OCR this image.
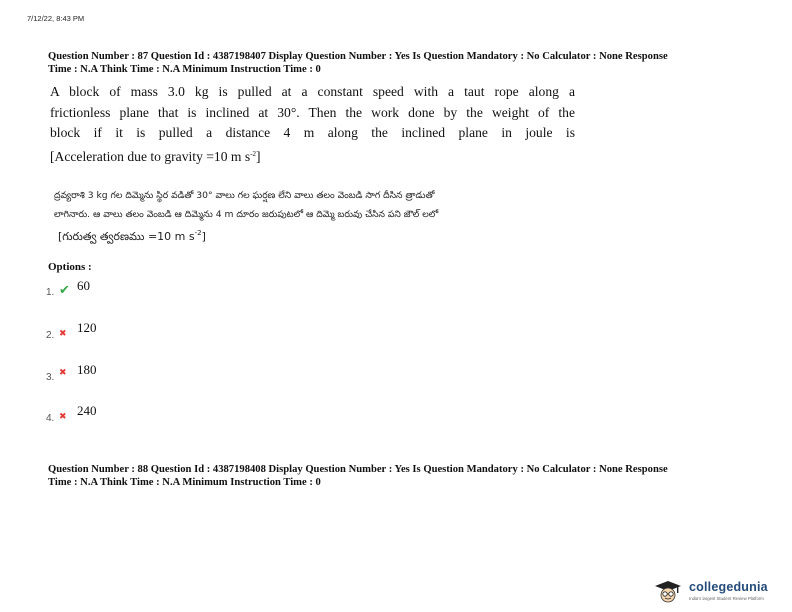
7/12/22, 8:43 PM
Question Number : 87 Question Id : 4387198407 Display Question Number : Yes Is Question Mandatory : No Calculator : None Response
Time : N.A Think Time : N.A Minimum Instruction Time : 0
A block of mass 3.0 kg is pulled at a constant speed with a taut rope along a
frictionless plane that is inclined at 30°. Then the work done by the weight of the
block if it is pulled a distance 4 m along the inclined plane in joule is
[Acceleration due to gravity =10 m $s^{-2}$]
ద్రవ్యరాశి 3 kg గల దిమ్మెను స్థిర వడితో 30° వాలు గల ఘర్షణ లేని వాలు తలం వెంబడి సాగ దీసిన త్రాడుతో
లాగినారు. ఆ వాలు తలం వెంబడి ఆ దిమ్మెను 4 m దూరం జరుపుటలో ఆ దిమ్మె బరువు చేసిన పని జౌల్ లలో
[గురుత్వ త్వరణము =10 m $s^{-2}$]
Options :
1. ✔ 60
2. ✖ 120
3. ✖ 180
4. ✖ 240
Question Number : 88 Question Id : 4387198408 Display Question Number : Yes Is Question Mandatory : No Calculator : None Response
Time : N.A Think Time : N.A Minimum Instruction Time : 0
collegedunia
India's largest Student Review Platform
